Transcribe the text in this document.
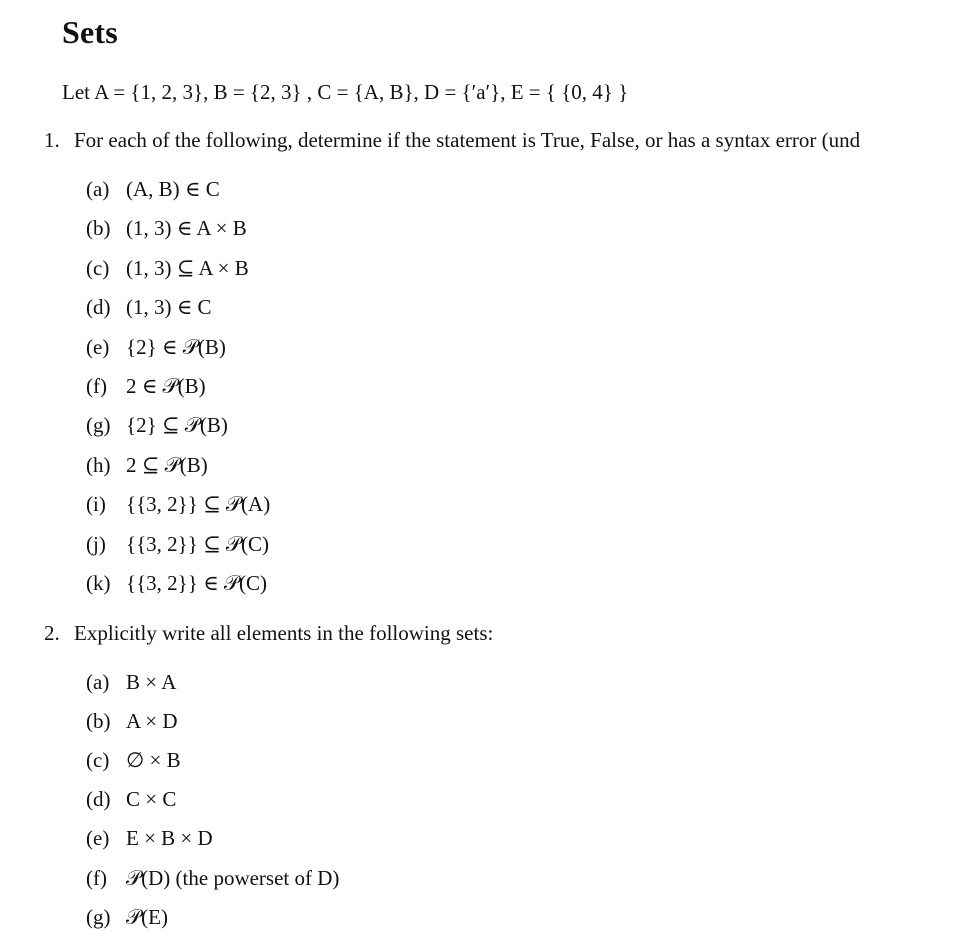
Sets
Let A = {1, 2, 3}, B = {2, 3} , C = {A, B}, D = {′a′}, E = { {0, 4} }
1. For each of the following, determine if the statement is True, False, or has a syntax error (und
(a) (A, B) ∈ C
(b) (1, 3) ∈ A × B
(c) (1, 3) ⊆ A × B
(d) (1, 3) ∈ C
(e) {2} ∈ 𝒫(B)
(f) 2 ∈ 𝒫(B)
(g) {2} ⊆ 𝒫(B)
(h) 2 ⊆ 𝒫(B)
(i) {{3, 2}} ⊆ 𝒫(A)
(j) {{3, 2}} ⊆ 𝒫(C)
(k) {{3, 2}} ∈ 𝒫(C)
2. Explicitly write all elements in the following sets:
(a) B × A
(b) A × D
(c) ∅ × B
(d) C × C
(e) E × B × D
(f) 𝒫(D) (the powerset of D)
(g) 𝒫(E)
